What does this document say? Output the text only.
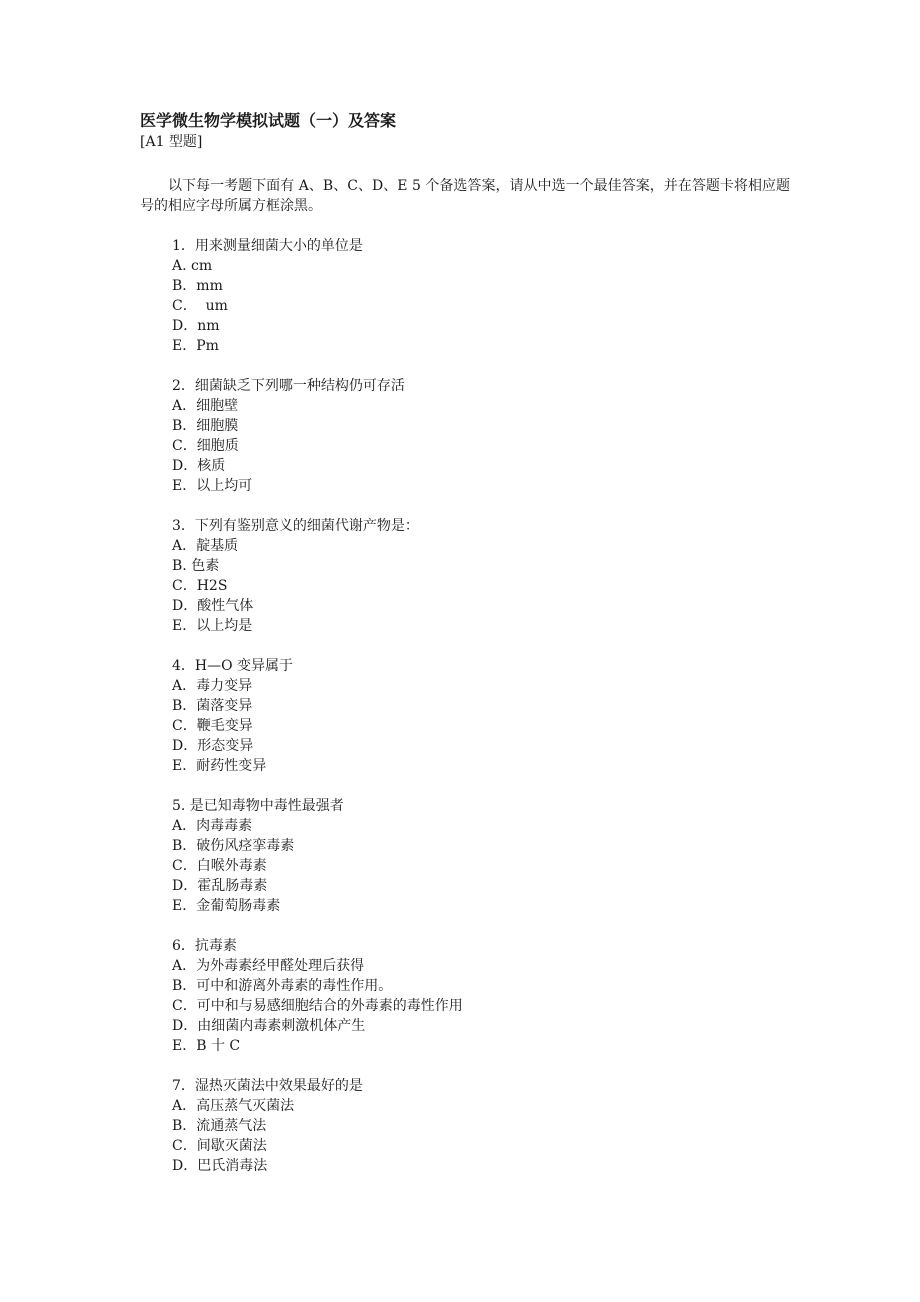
医学微生物学模拟试题（一）及答案

[A1 型题]

以下每一考题下面有 A、B、C、D、E 5 个备选答案，请从中选一个最佳答案，并在答题卡将相应题号的相应字母所属方框涂黑。

1．用来测量细菌大小的单位是

A. cm

B．mm

C．  um

D．nm

E．Pm

2．细菌缺乏下列哪一种结构仍可存活

A．细胞壁

B．细胞膜

C．细胞质

D．核质

E．以上均可

3．下列有鉴别意义的细菌代谢产物是：

A．靛基质

B. 色素

C．H2S

D．酸性气体

E．以上均是

4．H—O 变异属于

A．毒力变异

B．菌落变异

C．鞭毛变异

D．形态变异

E．耐药性变异

5. 是已知毒物中毒性最强者

A．肉毒毒素

B．破伤风痉挛毒素

C．白喉外毒素

D．霍乱肠毒素

E．金葡萄肠毒素

6．抗毒素

A．为外毒素经甲醛处理后获得

B．可中和游离外毒素的毒性作用。

C．可中和与易感细胞结合的外毒素的毒性作用

D．由细菌内毒素刺激机体产生

E．B 十 C

7．湿热灭菌法中效果最好的是

A．高压蒸气灭菌法

B．流通蒸气法

C．间歇灭菌法

D．巴氏消毒法
